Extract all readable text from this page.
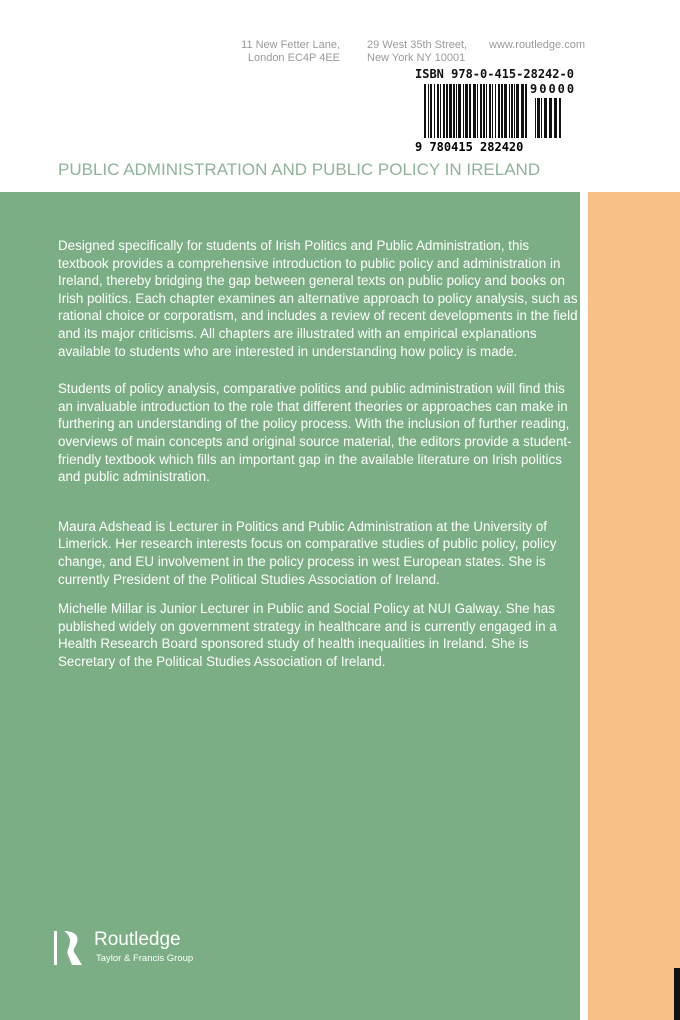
11 New Fetter Lane,
London EC4P 4EE
29 West 35th Street,
New York NY 10001
www.routledge.com
ISBN 978-0-415-28242-0
90000
9 780415 282420
PUBLIC ADMINISTRATION AND PUBLIC POLICY IN IRELAND
Designed specifically for students of Irish Politics and Public Administration, this textbook provides a comprehensive introduction to public policy and administration in Ireland, thereby bridging the gap between general texts on public policy and books on Irish politics. Each chapter examines an alternative approach to policy analysis, such as rational choice or corporatism, and includes a review of recent developments in the field and its major criticisms. All chapters are illustrated with an empirical explanations available to students who are interested in understanding how policy is made.
Students of policy analysis, comparative politics and public administration will find this an invaluable introduction to the role that different theories or approaches can make in furthering an understanding of the policy process. With the inclusion of further reading, overviews of main concepts and original source material, the editors provide a student-friendly textbook which fills an important gap in the available literature on Irish politics and public administration.
Maura Adshead is Lecturer in Politics and Public Administration at the University of Limerick. Her research interests focus on comparative studies of public policy, policy change, and EU involvement in the policy process in west European states. She is currently President of the Political Studies Association of Ireland.
Michelle Millar is Junior Lecturer in Public and Social Policy at NUI Galway. She has published widely on government strategy in healthcare and is currently engaged in a Health Research Board sponsored study of health inequalities in Ireland. She is Secretary of the Political Studies Association of Ireland.
Routledge
Taylor & Francis Group
